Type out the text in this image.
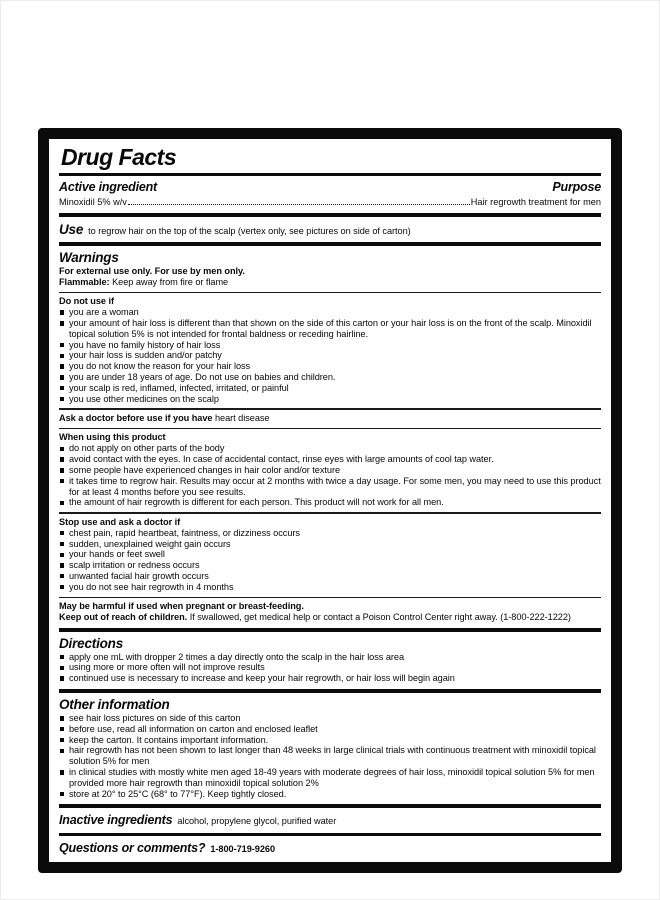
Drug Facts
Active ingredient	Purpose
Minoxidil 5% w/v	Hair regrowth treatment for men
Use to regrow hair on the top of the scalp (vertex only, see pictures on side of carton)
Warnings
For external use only. For use by men only.
Flammable: Keep away from fire or flame
Do not use if
you are a woman
your amount of hair loss is different than that shown on the side of this carton or your hair loss is on the front of the scalp. Minoxidil topical solution 5% is not intended for frontal baldness or receding hairline.
you have no family history of hair loss
your hair loss is sudden and/or patchy
you do not know the reason for your hair loss
you are under 18 years of age. Do not use on babies and children.
your scalp is red, inflamed, infected, irritated, or painful
you use other medicines on the scalp
Ask a doctor before use if you have heart disease
When using this product
do not apply on other parts of the body
avoid contact with the eyes. In case of accidental contact, rinse eyes with large amounts of cool tap water.
some people have experienced changes in hair color and/or texture
it takes time to regrow hair. Results may occur at 2 months with twice a day usage. For some men, you may need to use this product for at least 4 months before you see results.
the amount of hair regrowth is different for each person. This product will not work for all men.
Stop use and ask a doctor if
chest pain, rapid heartbeat, faintness, or dizziness occurs
sudden, unexplained weight gain occurs
your hands or feet swell
scalp irritation or redness occurs
unwanted facial hair growth occurs
you do not see hair regrowth in 4 months
May be harmful if used when pregnant or breast-feeding.
Keep out of reach of children. If swallowed, get medical help or contact a Poison Control Center right away. (1-800-222-1222)
Directions
apply one mL with dropper 2 times a day directly onto the scalp in the hair loss area
using more or more often will not improve results
continued use is necessary to increase and keep your hair regrowth, or hair loss will begin again
Other information
see hair loss pictures on side of this carton
before use, read all information on carton and enclosed leaflet
keep the carton. It contains important information.
hair regrowth has not been shown to last longer than 48 weeks in large clinical trials with continuous treatment with minoxidil topical solution 5% for men
in clinical studies with mostly white men aged 18-49 years with moderate degrees of hair loss, minoxidil topical solution 5% for men provided more hair regrowth than minoxidil topical solution 2%
store at 20° to 25°C (68° to 77°F). Keep tightly closed.
Inactive ingredients alcohol, propylene glycol, purified water
Questions or comments? 1-800-719-9260
